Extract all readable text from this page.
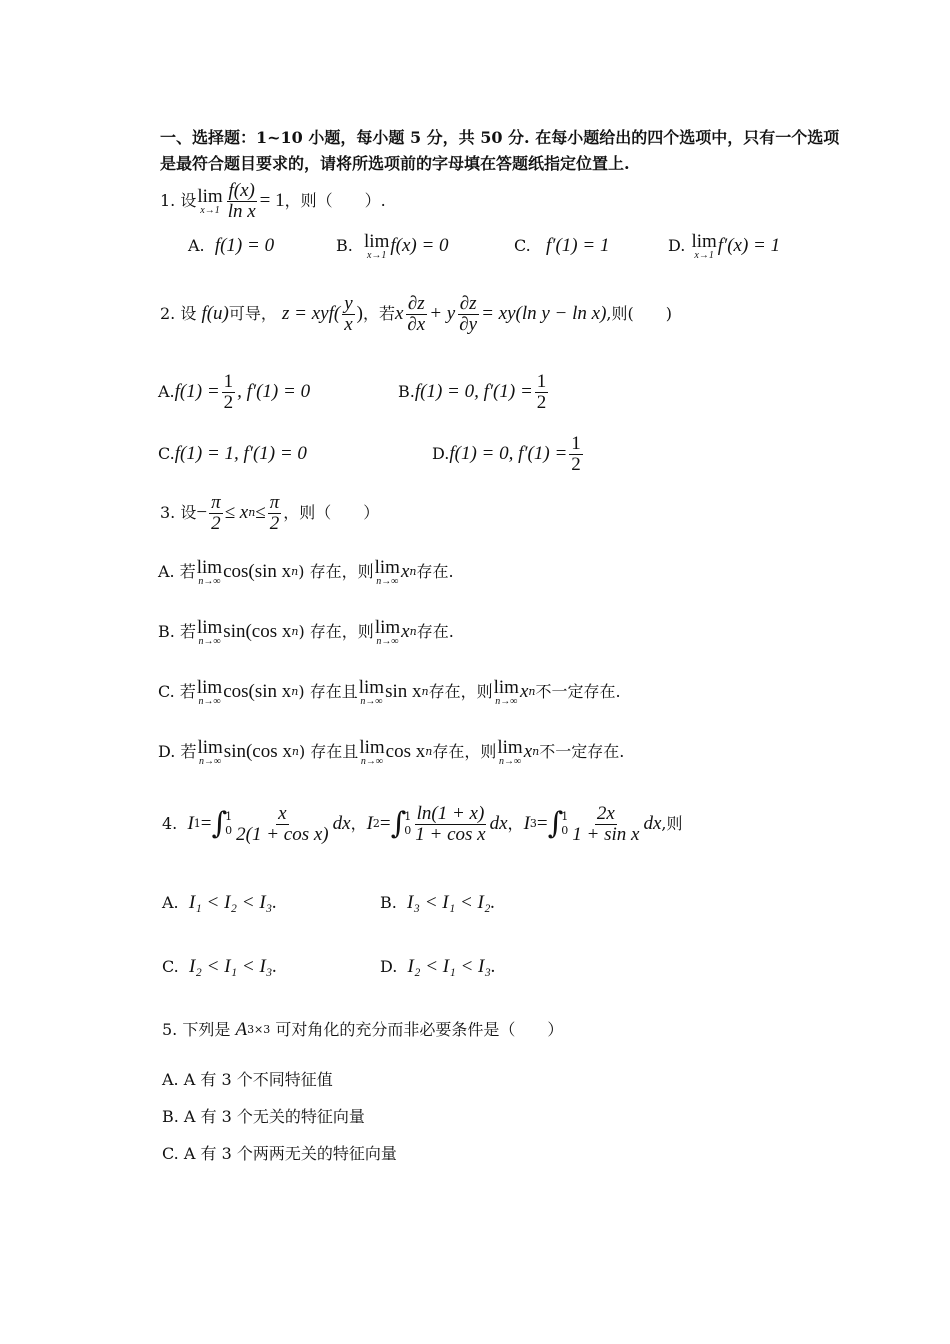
一、选择题：1~10 小题，每小题 5 分，共 50 分. 在每小题给出的四个选项中，只有一个选项
是最符合题目要求的，请将所选项前的字母填在答题纸指定位置上.
1. 设 lim
$x\to 1 \frac{f(x)}{\text{ln x}} = 1$ ，则（　　）.
A.
f(1) = 0	B.
lim
x→1 f(x) = 0	C.
f′(1) = 1	D.
lim
x→1 f′(x) = 1
2. 设
f(u) 可导，
$z = xyf( \frac{y}{x}$ ) ，若 x $\frac{\partial z}{\partial x} + y \frac{\partial z}{\partial y} = xy(\ln$ y − ln x) ,则(　　)
A. $f(1) = \frac{1}{2}$ , f′(1) = 0	B. f(1) = 0, $f'(1) = \frac{1}{2}$
C. f(1) = 1, f′(1) = 0	D. f(1) = 0, $f'(1) = \frac{1}{2}$
3. 设 − $\frac{\pi}{2} \le x$ $n \le \frac{\pi}{2}$ ，则（　　）
A.
若 lim
n→∞ cos(sin x n ) 存在，则 lim
n→∞ x n 存在.
B.
若 lim
n→∞ sin(cos x n ) 存在，则 lim
n→∞ x n 存在.
C.
若 lim
n→∞ cos(sin x n ) 存在且 lim
n→∞ sin x n 存在，则 lim
n→∞ x n 不一定存在.
D.
若 lim
n→∞ sin(cos x n ) 存在且 lim
n→∞ cos x n 存在，则 lim
n→∞ x n 不一定存在.
4.
I 1 = ∫
1
$0 \frac{x}{\text{2(1 + cos x)}}$ dx ， I 2 = ∫
1
$0 \frac{\ln(1 + x)}{\text{1 + cos x}}$ dx ， I 3 = ∫
1
$0 \frac{2x}{\text{1 + sin x}}$ dx ,则
A.
I₁ < I₂ < I₃.	B.
I₃ < I₁ < I₂.
C.
I₂ < I₁ < I₃.	D.
I₂ < I₁ < I₃.
5. 下列是
A 3×3
可对角化的充分而非必要条件是（　　）
A. A 有 3 个不同特征值
B. A 有 3 个无关的特征向量
C. A 有 3 个两两无关的特征向量
